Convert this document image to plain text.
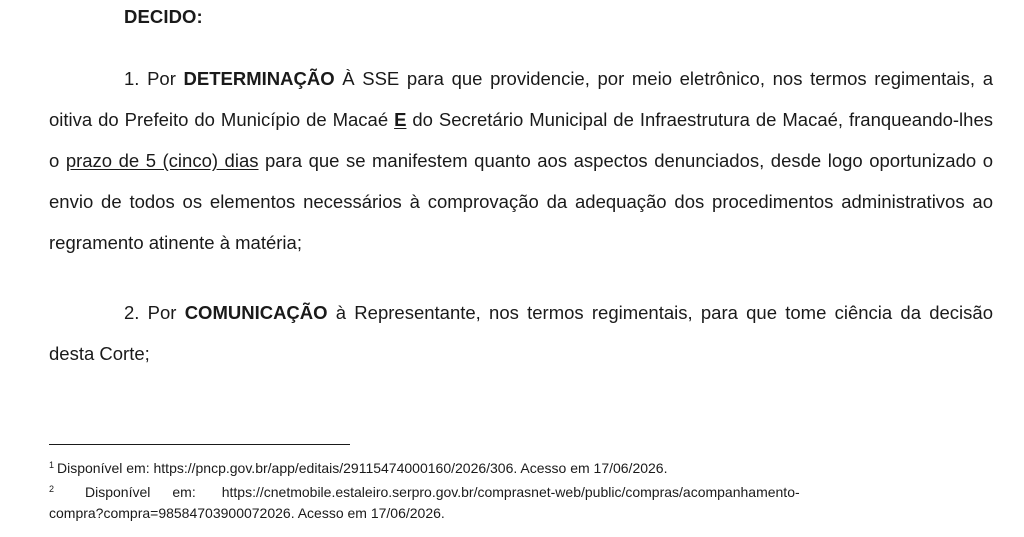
DECIDO:

1. Por DETERMINAÇÃO À SSE para que providencie, por meio eletrônico, nos termos regimentais, a oitiva do Prefeito do Município de Macaé E do Secretário Municipal de Infraestrutura de Macaé, franqueando-lhes o prazo de 5 (cinco) dias para que se manifestem quanto aos aspectos denunciados, desde logo oportunizado o envio de todos os elementos necessários à comprovação da adequação dos procedimentos administrativos ao regramento atinente à matéria;

2. Por COMUNICAÇÃO à Representante, nos termos regimentais, para que tome ciência da decisão desta Corte;

$^1$ Disponível em: https://pncp.gov.br/app/editais/29115474000160/2026/306. Acesso em 17/06/2026.

$^2$ Disponível em: https://cnetmobile.estaleiro.serpro.gov.br/comprasnet-web/public/compras/acompanhamento-

compra?compra=98584703900072026. Acesso em 17/06/2026.
